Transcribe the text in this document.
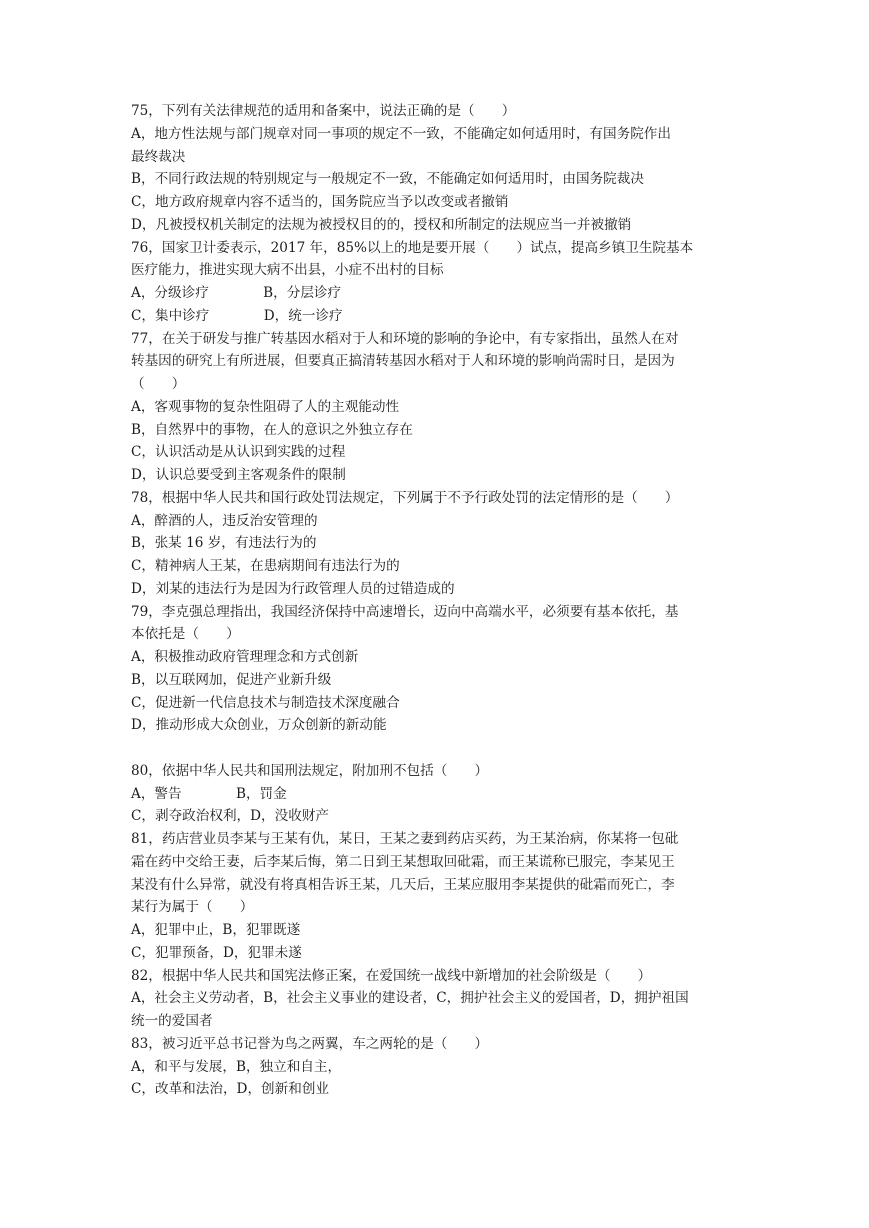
75，下列有关法律规范的适用和备案中，说法正确的是（　　）
A，地方性法规与部门规章对同一事项的规定不一致，不能确定如何适用时，有国务院作出
最终裁决
B，不同行政法规的特别规定与一般规定不一致，不能确定如何适用时，由国务院裁决
C，地方政府规章内容不适当的，国务院应当予以改变或者撤销
D，凡被授权机关制定的法规为被授权目的的，授权和所制定的法规应当一并被撤销
76，国家卫计委表示，2017 年，85%以上的地是要开展（　　）试点，提高乡镇卫生院基本
医疗能力，推进实现大病不出县，小症不出村的目标
A，分级诊疗　　　　B，分层诊疗
C，集中诊疗　　　　D，统一诊疗
77，在关于研发与推广转基因水稻对于人和环境的影响的争论中，有专家指出，虽然人在对
转基因的研究上有所进展，但要真正搞清转基因水稻对于人和环境的影响尚需时日，是因为
（　　）
A，客观事物的复杂性阻碍了人的主观能动性
B，自然界中的事物，在人的意识之外独立存在
C，认识活动是从认识到实践的过程
D，认识总要受到主客观条件的限制
78，根据中华人民共和国行政处罚法规定，下列属于不予行政处罚的法定情形的是（　　）
A，醉酒的人，违反治安管理的
B，张某 16 岁，有违法行为的
C，精神病人王某，在患病期间有违法行为的
D，刘某的违法行为是因为行政管理人员的过错造成的
79，李克强总理指出，我国经济保持中高速增长，迈向中高端水平，必须要有基本依托，基
本依托是（　　）
A，积极推动政府管理理念和方式创新
B，以互联网加，促进产业新升级
C，促进新一代信息技术与制造技术深度融合
D，推动形成大众创业，万众创新的新动能
80，依据中华人民共和国刑法规定，附加刑不包括（　　）
A，警告　　　　B，罚金
C，剥夺政治权利，D，没收财产
81，药店营业员李某与王某有仇，某日，王某之妻到药店买药，为王某治病，你某将一包砒
霜在药中交给王妻，后李某后悔，第二日到王某想取回砒霜，而王某谎称已服完，李某见王
某没有什么异常，就没有将真相告诉王某，几天后，王某应服用李某提供的砒霜而死亡，李
某行为属于（　　）
A，犯罪中止，B，犯罪既遂
C，犯罪预备，D，犯罪未遂
82，根据中华人民共和国宪法修正案，在爱国统一战线中新增加的社会阶级是（　　）
A，社会主义劳动者，B，社会主义事业的建设者，C，拥护社会主义的爱国者，D，拥护祖国
统一的爱国者
83，被习近平总书记誉为鸟之两翼，车之两轮的是（　　）
A，和平与发展，B，独立和自主，
C，改革和法治，D，创新和创业
